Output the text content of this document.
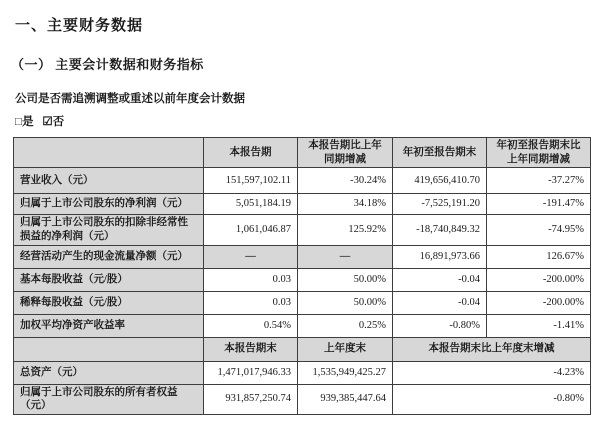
一、主要财务数据
（一） 主要会计数据和财务指标
公司是否需追溯调整或重述以前年度会计数据
□是 ☑否
	本报告期	本报告期比上年同期增减	年初至报告期末	年初至报告期末比上年同期增减
营业收入（元）	151,597,102.11	-30.24%	419,656,410.70	-37.27%
归属于上市公司股东的净利润（元）	5,051,184.19	34.18%	-7,525,191.20	-191.47%
归属于上市公司股东的扣除非经常性损益的净利润（元）	1,061,046.87	125.92%	-18,740,849.32	-74.95%
经营活动产生的现金流量净额（元）	—	—	16,891,973.66	126.67%
基本每股收益（元/股）	0.03	50.00%	-0.04	-200.00%
稀释每股收益（元/股）	0.03	50.00%	-0.04	-200.00%
加权平均净资产收益率	0.54%	0.25%	-0.80%	-1.41%
	本报告期末	上年度末	本报告期末比上年度末增减	
总资产（元）	1,471,017,946.33	1,535,949,425.27	-4.23%	
归属于上市公司股东的所有者权益（元）	931,857,250.74	939,385,447.64	-0.80%	
